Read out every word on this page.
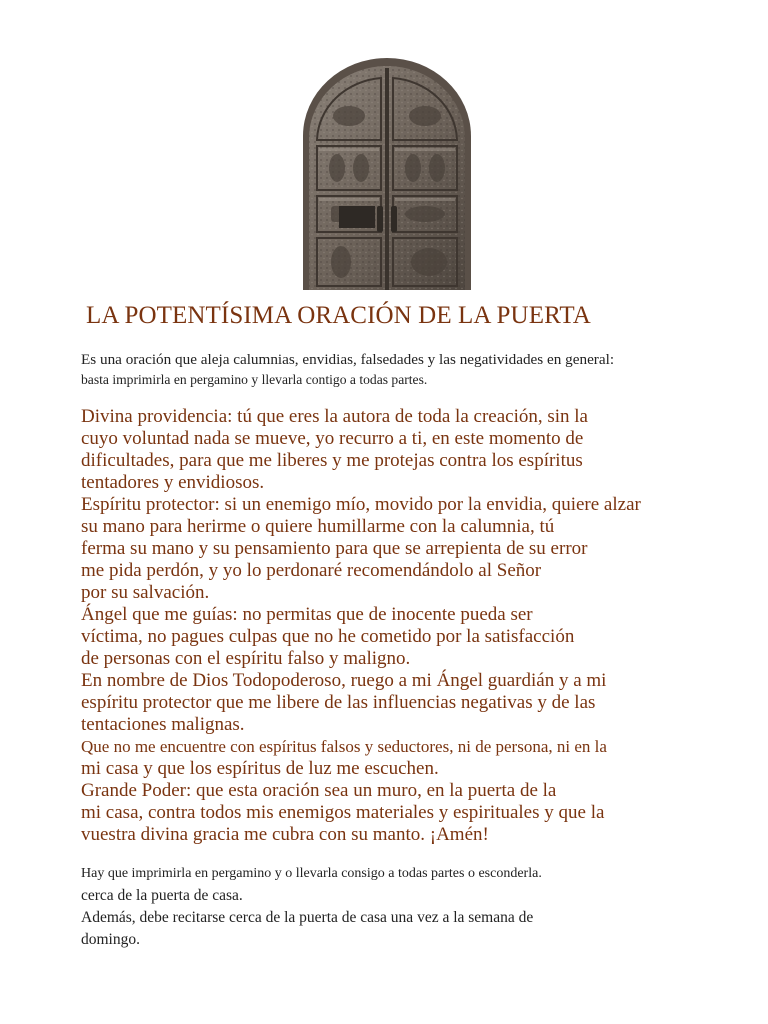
LA POTENTÍSIMA ORACIÓN DE LA PUERTA
Es una oración que aleja calumnias, envidias, falsedades y las negatividades en general:
basta imprimirla en pergamino y llevarla contigo a todas partes.
Divina providencia: tú que eres la autora de toda la creación, sin la
cuyo voluntad nada se mueve, yo recurro a ti, en este momento de
dificultades, para que me liberes y me protejas contra los espíritus
tentadores y envidiosos.
Espíritu protector: si un enemigo mío, movido por la envidia, quiere alzar
su mano para herirme o quiere humillarme con la calumnia, tú
ferma su mano y su pensamiento para que se arrepienta de su error
me pida perdón, y yo lo perdonaré recomendándolo al Señor
por su salvación.
Ángel que me guías: no permitas que de inocente pueda ser
víctima, no pagues culpas que no he cometido por la satisfacción
de personas con el espíritu falso y maligno.
En nombre de Dios Todopoderoso, ruego a mi Ángel guardián y a mi
espíritu protector que me libere de las influencias negativas y de las
tentaciones malignas.
Que no me encuentre con espíritus falsos y seductores, ni de persona, ni en la
mi casa y que los espíritus de luz me escuchen.
Grande Poder: que esta oración sea un muro, en la puerta de la
mi casa, contra todos mis enemigos materiales y espirituales y que la
vuestra divina gracia me cubra con su manto. ¡Amén!
Hay que imprimirla en pergamino y o llevarla consigo a todas partes o esconderla.
cerca de la puerta de casa.
Además, debe recitarse cerca de la puerta de casa una vez a la semana de
domingo.
